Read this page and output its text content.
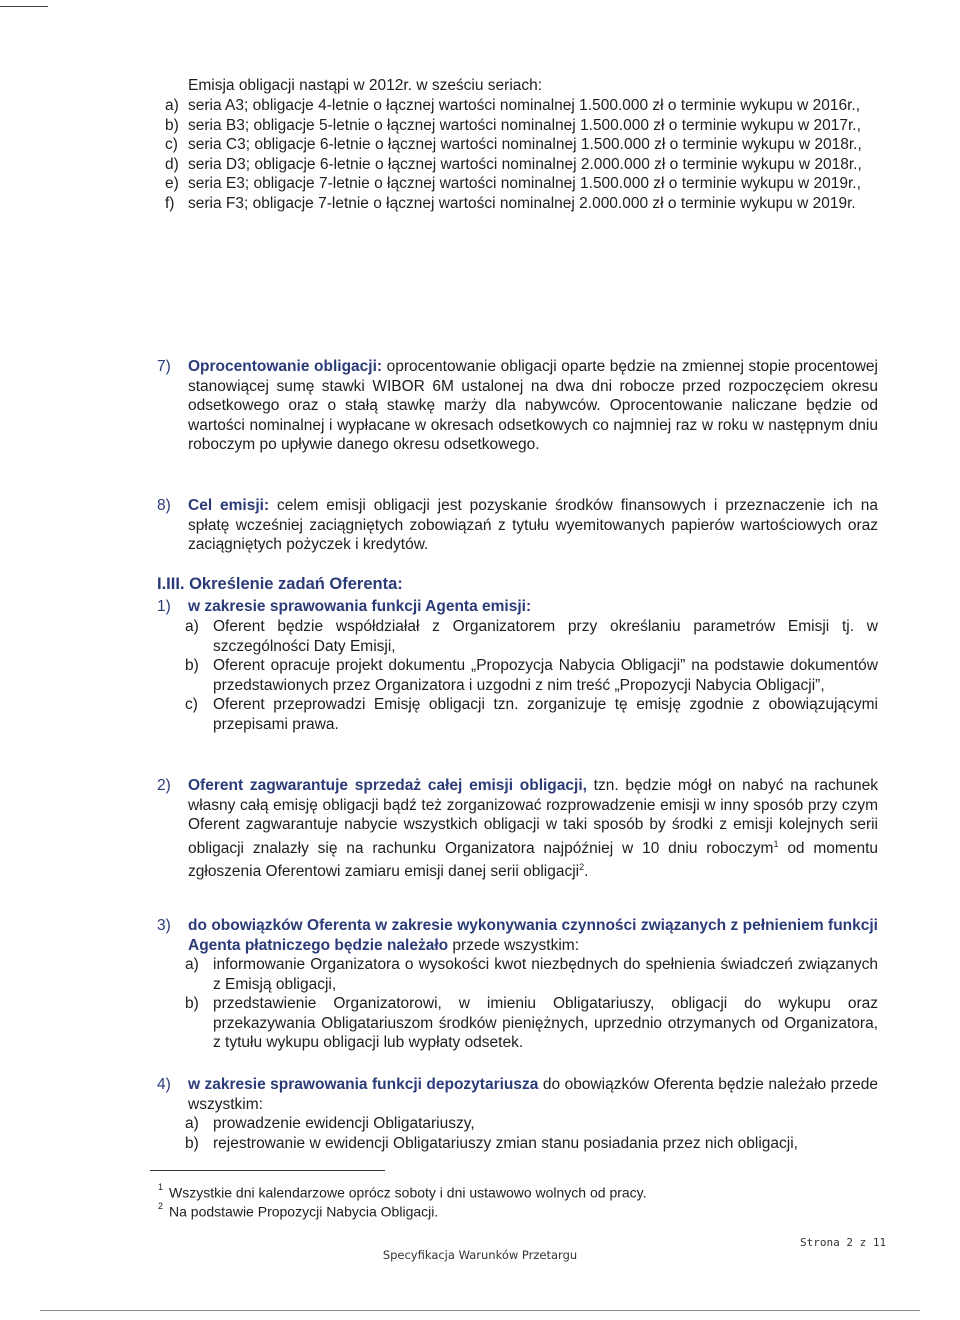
Emisja obligacji nastąpi w 2012r. w sześciu seriach:
a) seria A3; obligacje 4-letnie o łącznej wartości nominalnej 1.500.000 zł o terminie wykupu w 2016r.,
b) seria B3; obligacje 5-letnie o łącznej wartości nominalnej 1.500.000 zł o terminie wykupu w 2017r.,
c) seria C3; obligacje 6-letnie o łącznej wartości nominalnej 1.500.000 zł o terminie wykupu w 2018r.,
d) seria D3; obligacje 6-letnie o łącznej wartości nominalnej 2.000.000 zł o terminie wykupu w 2018r.,
e) seria E3; obligacje 7-letnie o łącznej wartości nominalnej 1.500.000 zł o terminie wykupu w 2019r.,
f) seria F3; obligacje 7-letnie o łącznej wartości nominalnej 2.000.000 zł o terminie wykupu w 2019r.
7) Oprocentowanie obligacji: oprocentowanie obligacji oparte będzie na zmiennej stopie procentowej stanowiącej sumę stawki WIBOR 6M ustalonej na dwa dni robocze przed rozpoczęciem okresu odsetkowego oraz o stałą stawkę marży dla nabywców. Oprocentowanie naliczane będzie od wartości nominalnej i wypłacane w okresach odsetkowych co najmniej raz w roku w następnym dniu roboczym po upływie danego okresu odsetkowego.
8) Cel emisji: celem emisji obligacji jest pozyskanie środków finansowych i przeznaczenie ich na spłatę wcześniej zaciągniętych zobowiązań z tytułu wyemitowanych papierów wartościowych oraz zaciągniętych pożyczek i kredytów.
I.III. Określenie zadań Oferenta:
1) w zakresie sprawowania funkcji Agenta emisji:
a) Oferent będzie współdziałał z Organizatorem przy określaniu parametrów Emisji tj. w szczególności Daty Emisji,
b) Oferent opracuje projekt dokumentu „Propozycja Nabycia Obligacji” na podstawie dokumentów przedstawionych przez Organizatora i uzgodni z nim treść „Propozycji Nabycia Obligacji”,
c) Oferent przeprowadzi Emisję obligacji tzn. zorganizuje tę emisję zgodnie z obowiązującymi przepisami prawa.
2) Oferent zagwarantuje sprzedaż całej emisji obligacji, tzn. będzie mógł on nabyć na rachunek własny całą emisję obligacji bądź też zorganizować rozprowadzenie emisji w inny sposób przy czym Oferent zagwarantuje nabycie wszystkich obligacji w taki sposób by środki z emisji kolejnych serii obligacji znalazły się na rachunku Organizatora najpóźniej w 10 dniu roboczym$^1$ od momentu zgłoszenia Oferentowi zamiaru emisji danej serii obligacji$^2$.
3) do obowiązków Oferenta w zakresie wykonywania czynności związanych z pełnieniem funkcji Agenta płatniczego będzie należało przede wszystkim:
a) informowanie Organizatora o wysokości kwot niezbędnych do spełnienia świadczeń związanych z Emisją obligacji,
b) przedstawienie Organizatorowi, w imieniu Obligatariuszy, obligacji do wykupu oraz przekazywania Obligatariuszom środków pieniężnych, uprzednio otrzymanych od Organizatora, z tytułu wykupu obligacji lub wypłaty odsetek.
4) w zakresie sprawowania funkcji depozytariusza do obowiązków Oferenta będzie należało przede wszystkim:
a) prowadzenie ewidencji Obligatariuszy,
b) rejestrowanie w ewidencji Obligatariuszy zmian stanu posiadania przez nich obligacji,
$^1$ Wszystkie dni kalendarzowe oprócz soboty i dni ustawowo wolnych od pracy.
$^2$ Na podstawie Propozycji Nabycia Obligacji.
Strona 2 z 11
Specyfikacja Warunków Przetargu
